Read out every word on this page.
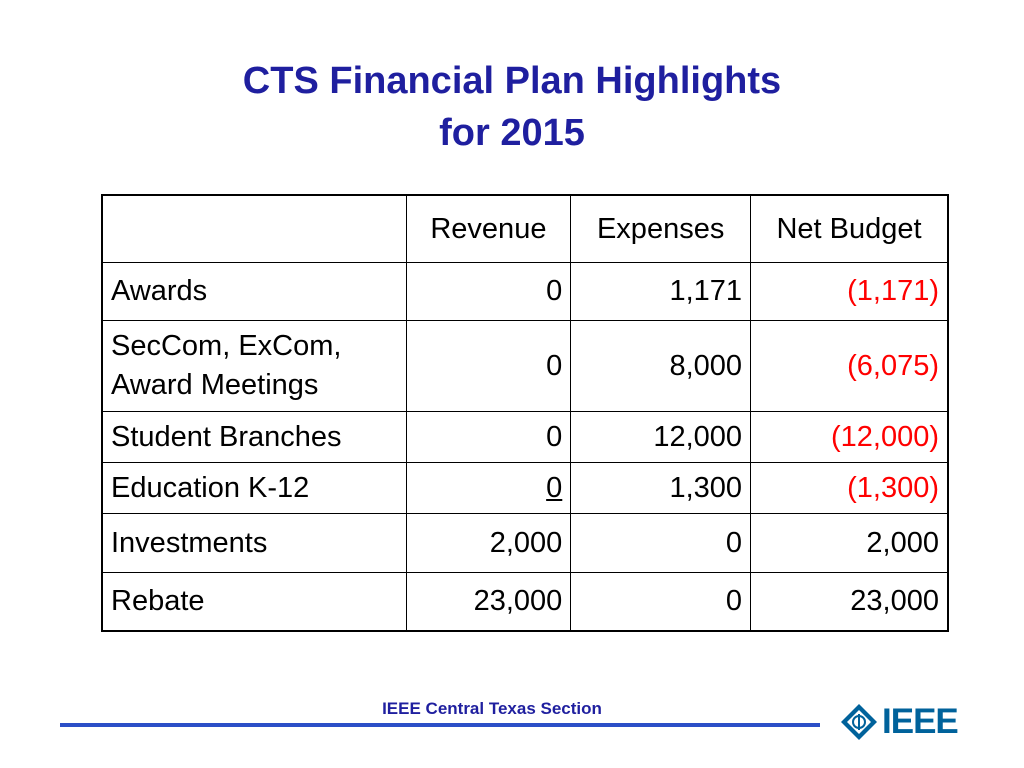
CTS Financial Plan Highlights
for 2015
	Revenue	Expenses	Net Budget
Awards	0	1,171	(1,171)

SecCom, ExCom,
Award Meetings	0	8,000	(6,075)
Student Branches	0	12,000	(12,000)
Education K-12	0	1,300	(1,300)
Investments	2,000	0	2,000
Rebate	23,000	0	23,000
IEEE Central Texas Section	IEEE
